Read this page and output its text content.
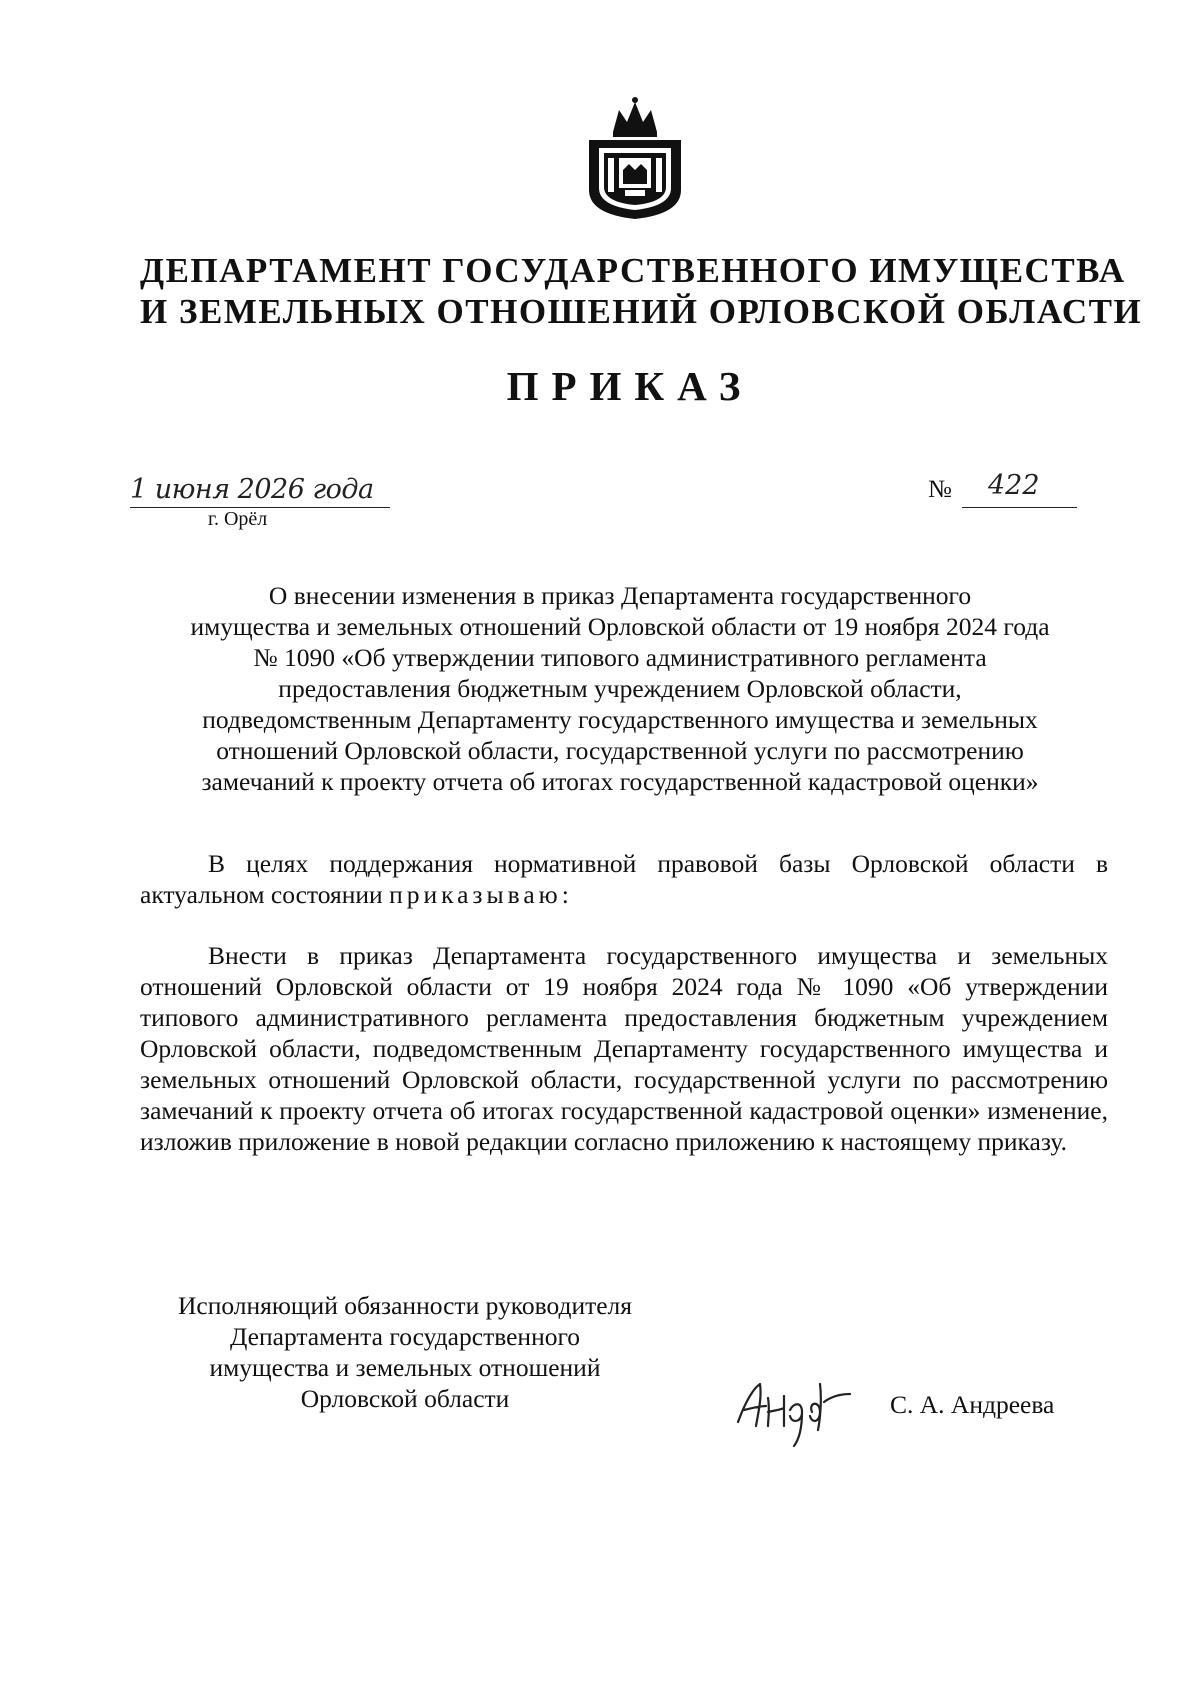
ДЕПАРТАМЕНТ ГОСУДАРСТВЕННОГО ИМУЩЕСТВА
И ЗЕМЕЛЬНЫХ ОТНОШЕНИЙ ОРЛОВСКОЙ ОБЛАСТИ
ПРИКАЗ
1 июня 2026 года
г. Орёл
№ 422
О внесении изменения в приказ Департамента государственного
имущества и земельных отношений Орловской области от 19 ноября 2024 года
№ 1090 «Об утверждении типового административного регламента
предоставления бюджетным учреждением Орловской области,
подведомственным Департаменту государственного имущества и земельных
отношений Орловской области, государственной услуги по рассмотрению
замечаний к проекту отчета об итогах государственной кадастровой оценки»
В целях поддержания нормативной правовой базы Орловской области в актуальном состоянии приказываю:
Внести в приказ Департамента государственного имущества и земельных отношений Орловской области от 19 ноября 2024 года № 1090 «Об утверждении типового административного регламента предоставления бюджетным учреждением Орловской области, подведомственным Департаменту государственного имущества и земельных отношений Орловской области, государственной услуги по рассмотрению замечаний к проекту отчета об итогах государственной кадастровой оценки» изменение, изложив приложение в новой редакции согласно приложению к настоящему приказу.
Исполняющий обязанности руководителя
Департамента государственного
имущества и земельных отношений
Орловской области	С. А. Андреева
